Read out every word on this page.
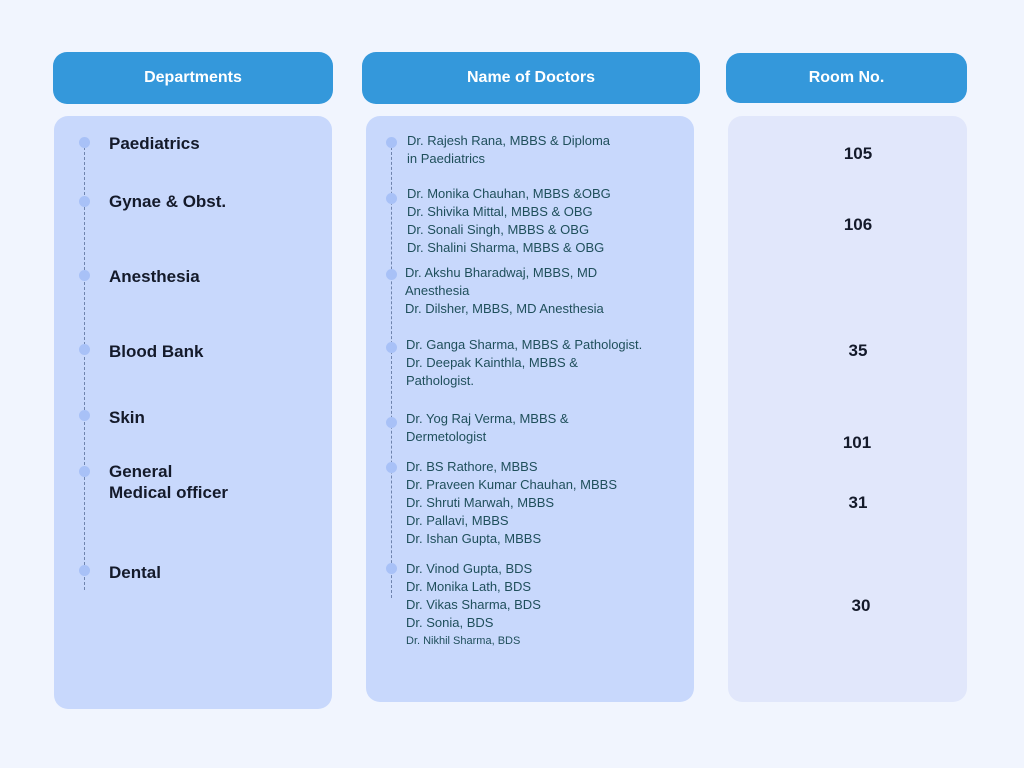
Departments	Name of Doctors	Room No.
Paediatrics
Gynae & Obst.
Anesthesia
Blood Bank
Skin
General
Medical officer
Dental
Dr. Rajesh Rana, MBBS & Diploma
in Paediatrics
Dr. Monika Chauhan, MBBS &OBG
Dr. Shivika Mittal, MBBS & OBG
Dr. Sonali Singh, MBBS & OBG
Dr. Shalini Sharma, MBBS & OBG
Dr. Akshu Bharadwaj, MBBS, MD
Anesthesia
Dr. Dilsher, MBBS, MD Anesthesia
Dr. Ganga Sharma, MBBS & Pathologist.
Dr. Deepak Kainthla, MBBS &
Pathologist.
Dr. Yog Raj Verma, MBBS &
Dermetologist
Dr. BS Rathore, MBBS
Dr. Praveen Kumar Chauhan, MBBS
Dr. Shruti Marwah, MBBS
Dr. Pallavi, MBBS
Dr. Ishan Gupta, MBBS
Dr. Vinod Gupta, BDS
Dr. Monika Lath, BDS
Dr. Vikas Sharma, BDS
Dr. Sonia, BDS
Dr. Nikhil Sharma, BDS
105
106
35
101
31
30
